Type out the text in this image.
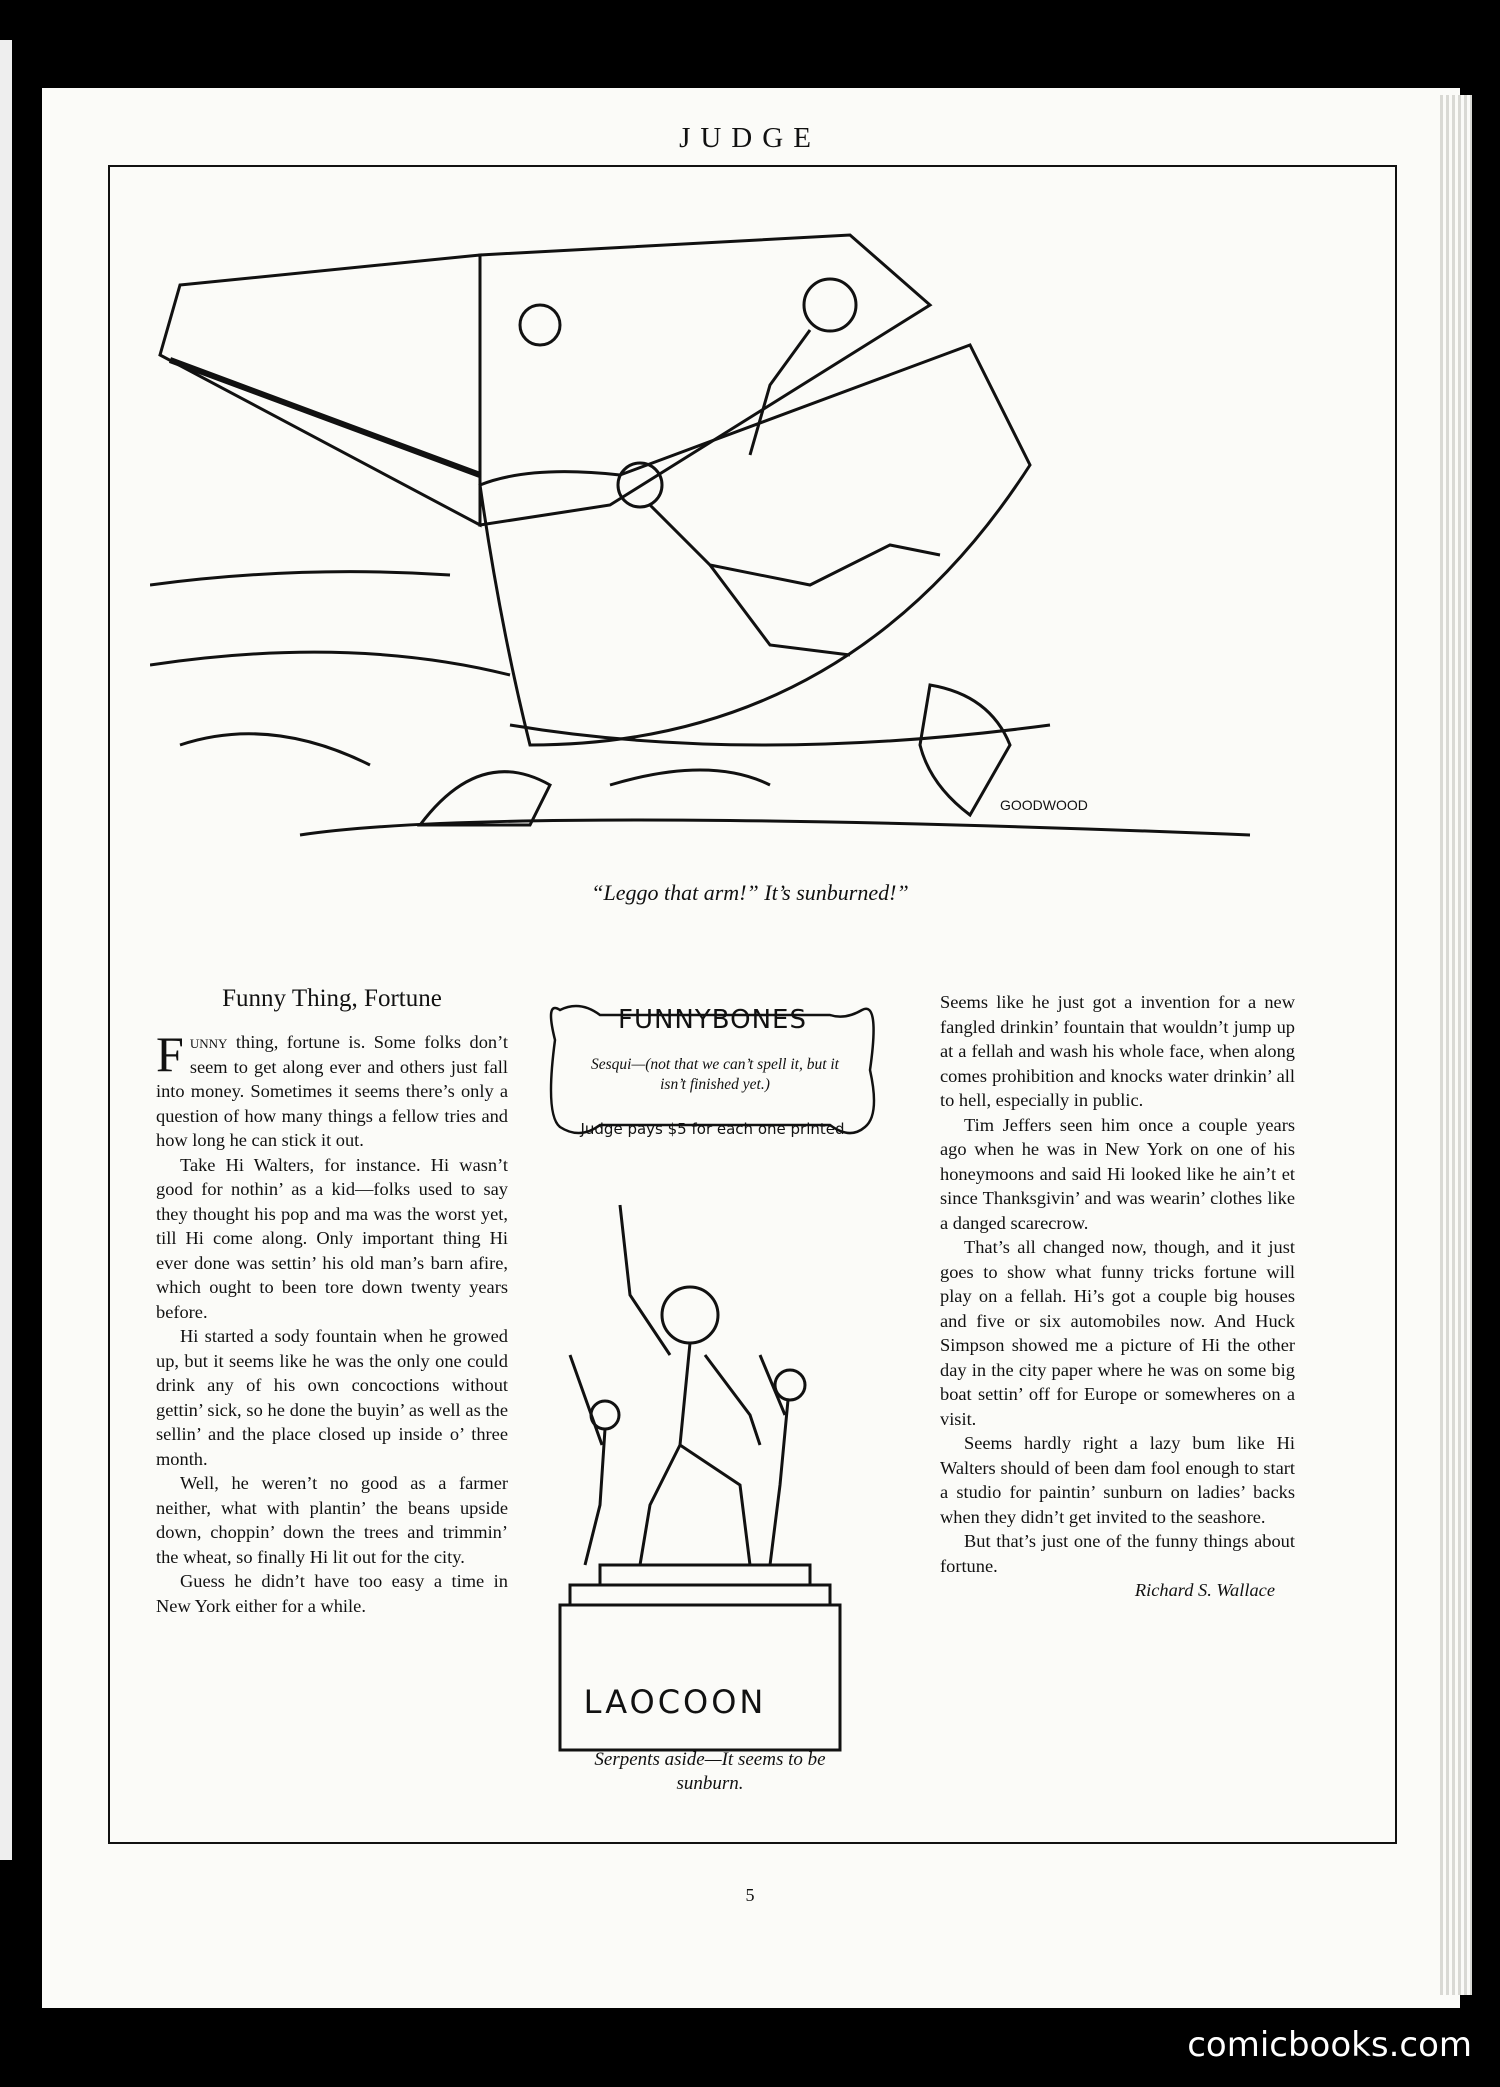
JUDGE
GOODWOOD
“Leggo that arm!” It’s sunburned!”
Funny Thing, Fortune

Funny thing, fortune is. Some folks don’t seem to get along ever and others just fall into money. Sometimes it seems there’s only a question of how many things a fellow tries and how long he can stick it out.

Take Hi Walters, for instance. Hi wasn’t good for nothin’ as a kid—folks used to say they thought his pop and ma was the worst yet, till Hi come along. Only important thing Hi ever done was settin’ his old man’s barn afire, which ought to been tore down twenty years before.

Hi started a sody fountain when he growed up, but it seems like he was the only one could drink any of his own concoctions without gettin’ sick, so he done the buyin’ as well as the sellin’ and the place closed up inside o’ three month.

Well, he weren’t no good as a farmer neither, what with plantin’ the beans upside down, choppin’ down the trees and trimmin’ the wheat, so finally Hi lit out for the city.

Guess he didn’t have too easy a time in New York either for a while.

FUNNYBONES
Sesqui—(not that we can’t spell it, but it isn’t finished yet.)
Judge pays $5 for each one printed
LAOCOON
Serpents aside—It seems to be sunburn.

Seems like he just got a invention for a new fangled drinkin’ fountain that wouldn’t jump up at a fellah and wash his whole face, when along comes prohibition and knocks water drinkin’ all to hell, especially in public.

Tim Jeffers seen him once a couple years ago when he was in New York on one of his honeymoons and said Hi looked like he ain’t et since Thanksgivin’ and was wearin’ clothes like a danged scarecrow.

That’s all changed now, though, and it just goes to show what funny tricks fortune will play on a fellah. Hi’s got a couple big houses and five or six automobiles now. And Huck Simpson showed me a picture of Hi the other day in the city paper where he was on some big boat settin’ off for Europe or somewheres on a visit.

Seems hardly right a lazy bum like Hi Walters should of been dam fool enough to start a studio for paintin’ sunburn on ladies’ backs when they didn’t get invited to the seashore.

But that’s just one of the funny things about fortune.

Richard S. Wallace

5
comicbooks.com
